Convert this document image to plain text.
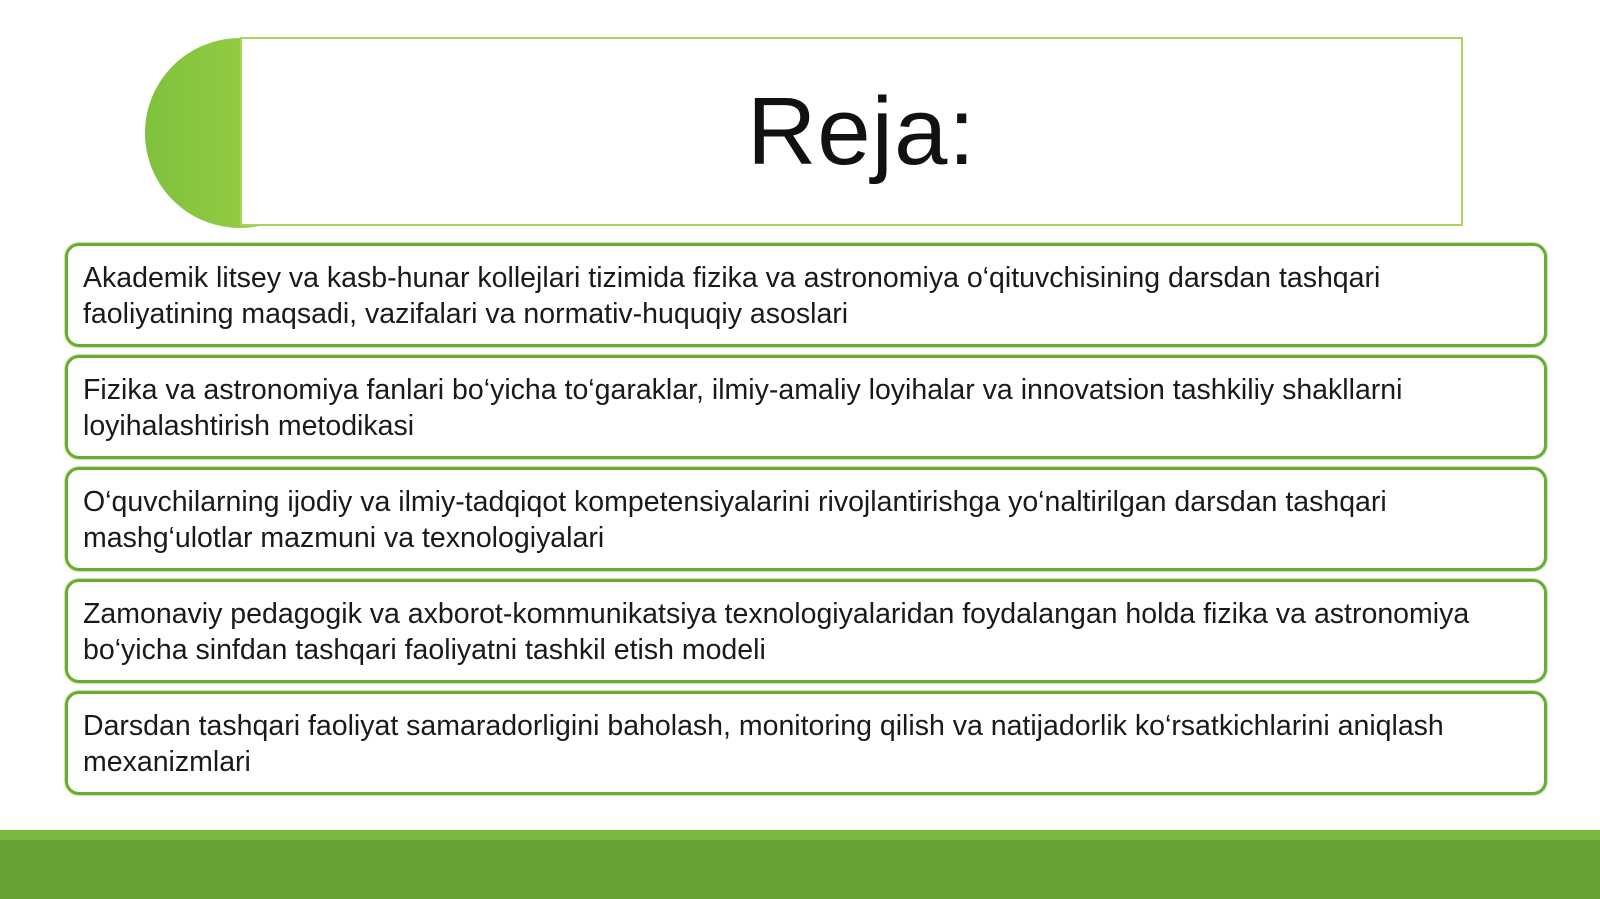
Reja:
Akademik litsey va kasb-hunar kollejlari tizimida fizika va astronomiya o‘qituvchisining darsdan tashqari faoliyatining maqsadi, vazifalari va normativ-huquqiy asoslari
Fizika va astronomiya fanlari bo‘yicha to‘garaklar, ilmiy-amaliy loyihalar va innovatsion tashkiliy shakllarni loyihalashtirish metodikasi
O‘quvchilarning ijodiy va ilmiy-tadqiqot kompetensiyalarini rivojlantirishga yo‘naltirilgan darsdan tashqari mashg‘ulotlar mazmuni va texnologiyalari
Zamonaviy pedagogik va axborot-kommunikatsiya texnologiyalaridan foydalangan holda fizika va astronomiya bo‘yicha sinfdan tashqari faoliyatni tashkil etish modeli
Darsdan tashqari faoliyat samaradorligini baholash, monitoring qilish va natijadorlik ko‘rsatkichlarini aniqlash mexanizmlari
